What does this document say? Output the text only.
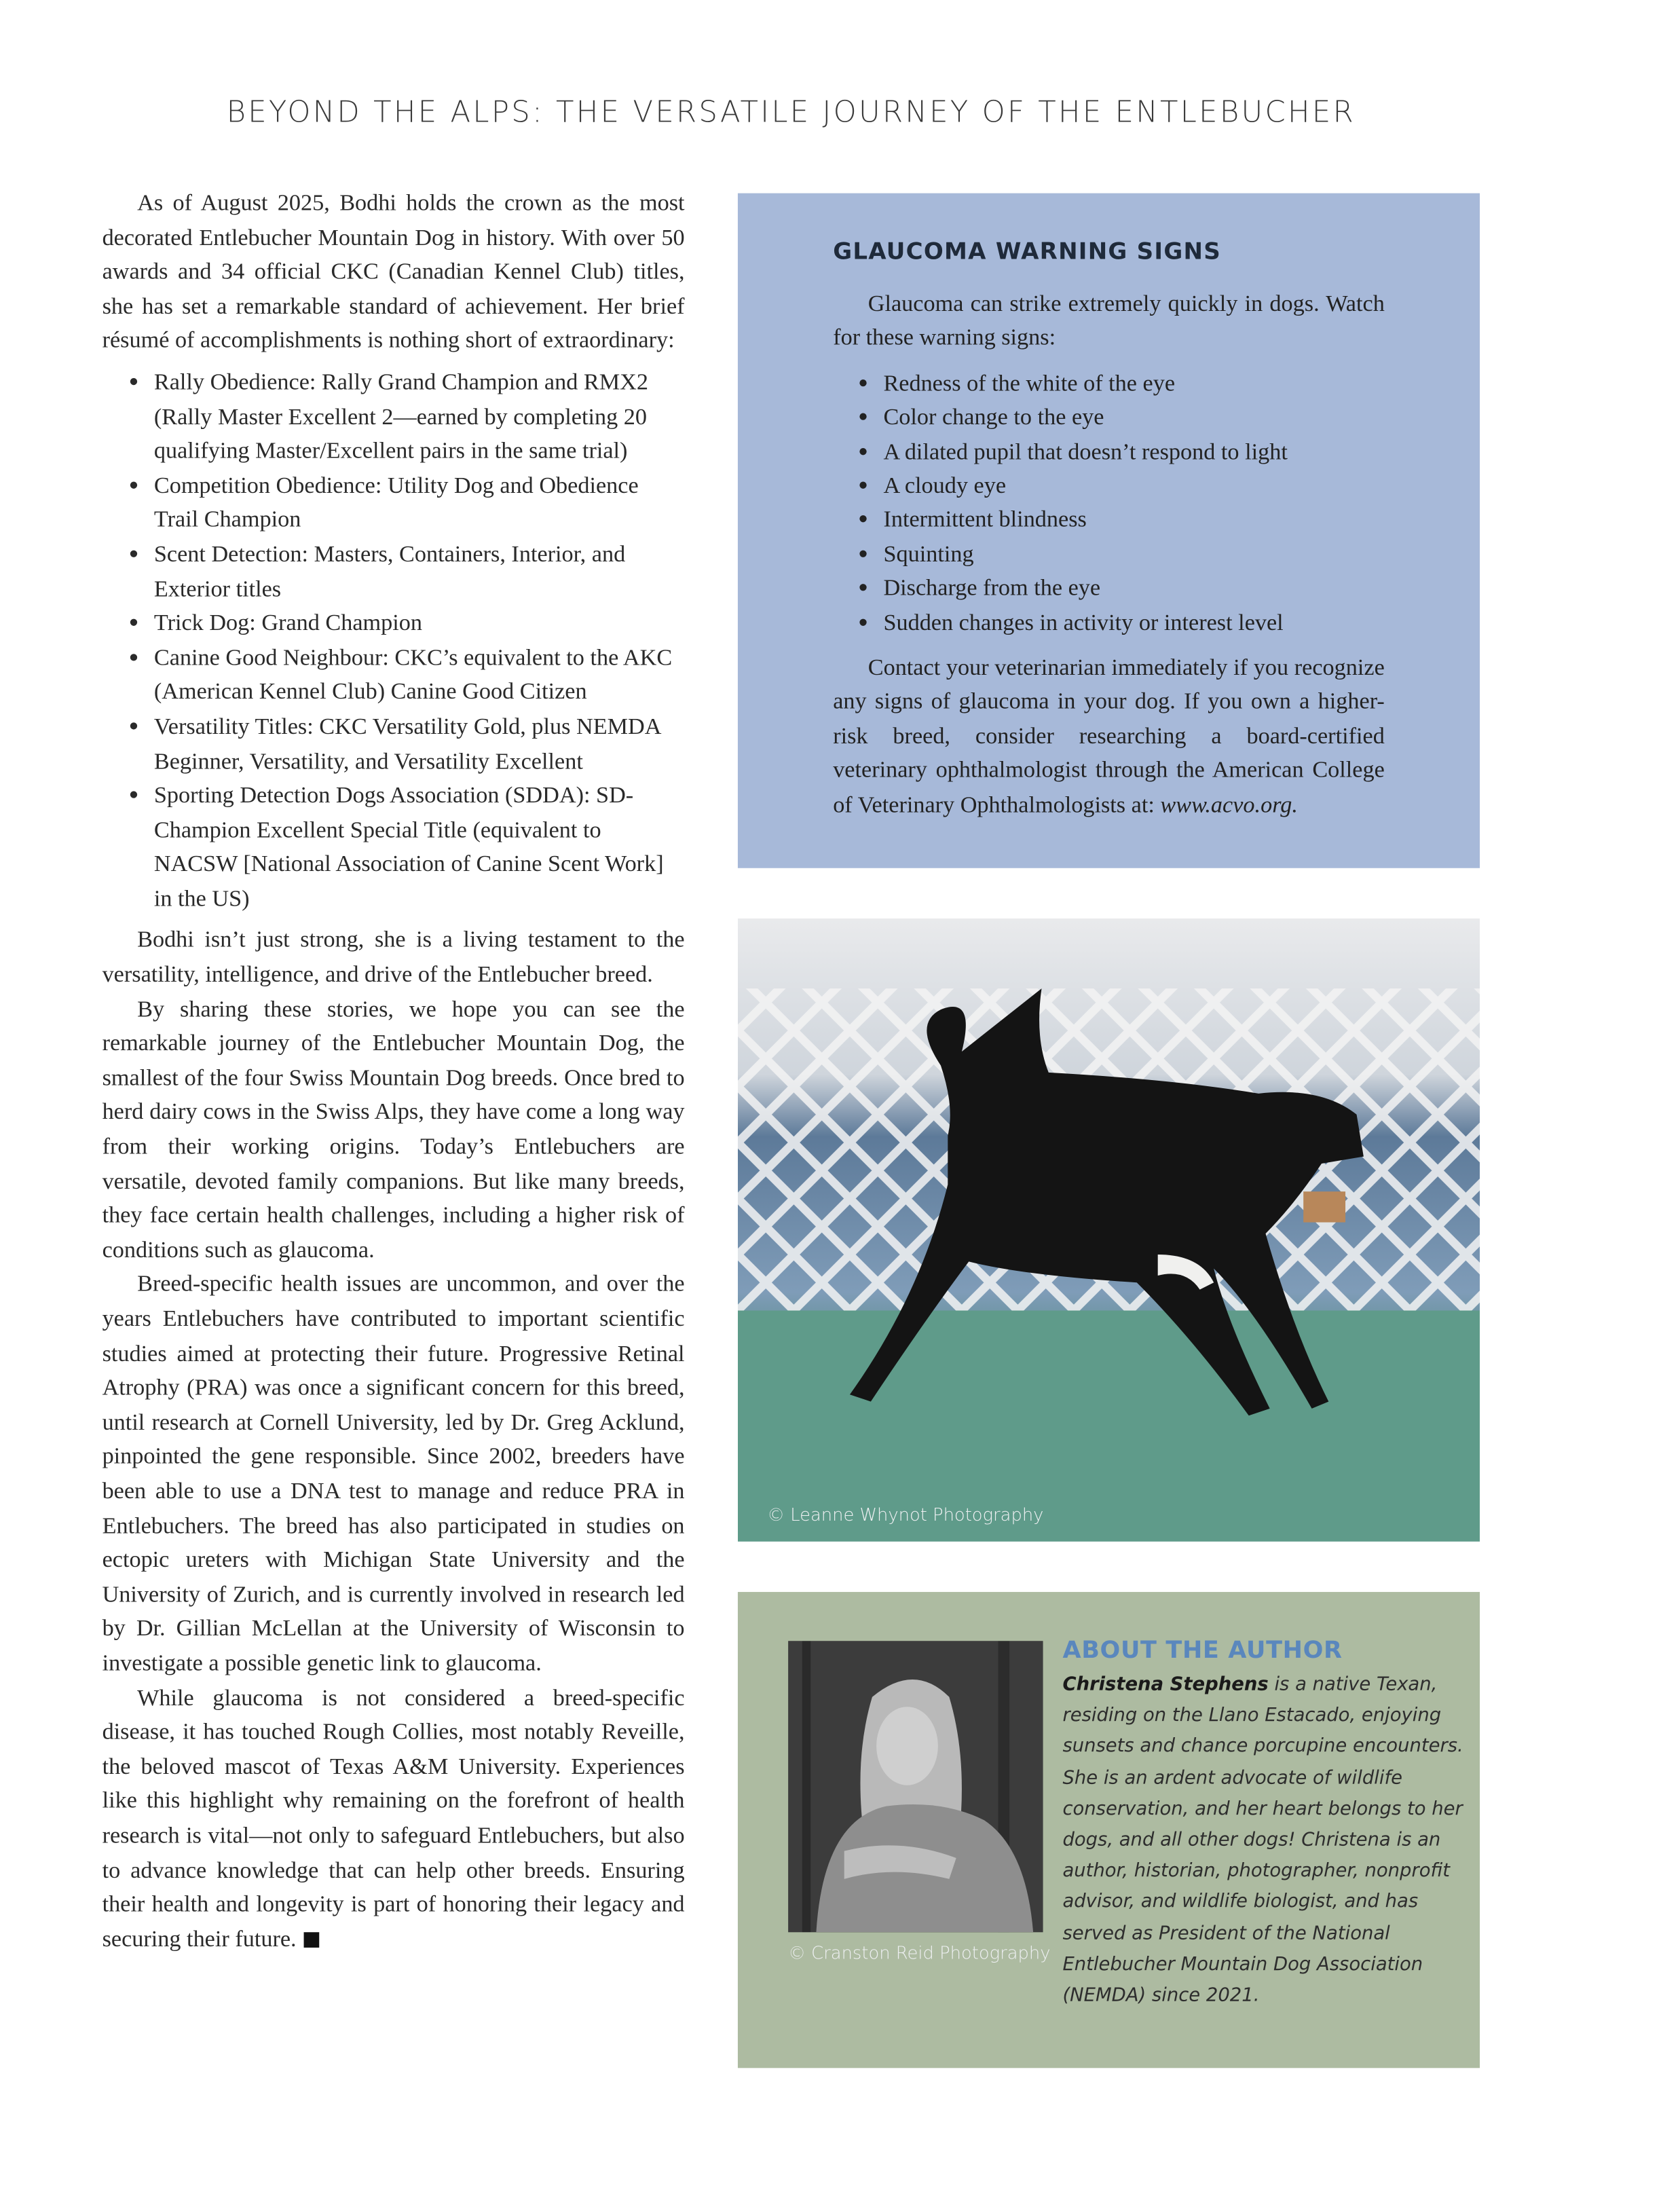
BEYOND THE ALPS: THE VERSATILE JOURNEY OF THE ENTLEBUCHER

As of August 2025, Bodhi holds the crown as the most decorated Entlebucher Mountain Dog in history. With over 50 awards and 34 official CKC (Canadian Kennel Club) titles, she has set a remarkable standard of achievement. Her brief résumé of accomplishments is nothing short of extraordinary:

• Rally Obedience: Rally Grand Champion and RMX2 (Rally Master Excellent 2—earned by completing 20 qualifying Master/Excellent pairs in the same trial)
• Competition Obedience: Utility Dog and Obedience Trail Champion
• Scent Detection: Masters, Containers, Interior, and Exterior titles
• Trick Dog: Grand Champion
• Canine Good Neighbour: CKC’s equivalent to the AKC (American Kennel Club) Canine Good Citizen
• Versatility Titles: CKC Versatility Gold, plus NEMDA Beginner, Versatility, and Versatility Excellent
• Sporting Detection Dogs Association (SDDA): SD-Champion Excellent Special Title (equivalent to NACSW [National Association of Canine Scent Work] in the US)

Bodhi isn’t just strong, she is a living testament to the versatility, intelligence, and drive of the Entlebucher breed.

By sharing these stories, we hope you can see the remarkable journey of the Entlebucher Mountain Dog, the smallest of the four Swiss Mountain Dog breeds. Once bred to herd dairy cows in the Swiss Alps, they have come a long way from their working origins. Today’s Entlebuchers are versatile, devoted family companions. But like many breeds, they face certain health challenges, including a higher risk of conditions such as glaucoma.

Breed-specific health issues are uncommon, and over the years Entlebuchers have contributed to important scientific studies aimed at protecting their future. Progressive Retinal Atrophy (PRA) was once a significant concern for this breed, until research at Cornell University, led by Dr. Greg Acklund, pinpointed the gene responsible. Since 2002, breeders have been able to use a DNA test to manage and reduce PRA in Entlebuchers. The breed has also participated in studies on ectopic ureters with Michigan State University and the University of Zurich, and is currently involved in research led by Dr. Gillian McLellan at the University of Wisconsin to investigate a possible genetic link to glaucoma.

While glaucoma is not considered a breed-specific disease, it has touched Rough Collies, most notably Reveille, the beloved mascot of Texas A&M University. Experiences like this highlight why remaining on the forefront of health research is vital—not only to safeguard Entlebuchers, but also to advance knowledge that can help other breeds. Ensuring their health and longevity is part of honoring their legacy and securing their future.

GLAUCOMA WARNING SIGNS

Glaucoma can strike extremely quickly in dogs. Watch for these warning signs:

• Redness of the white of the eye
• Color change to the eye
• A dilated pupil that doesn’t respond to light
• A cloudy eye
• Intermittent blindness
• Squinting
• Discharge from the eye
• Sudden changes in activity or interest level

Contact your veterinarian immediately if you recognize any signs of glaucoma in your dog. If you own a higher-risk breed, consider researching a board-certified veterinary ophthalmologist through the American College of Veterinary Ophthalmologists at: www.acvo.org.

© Leanne Whynot Photography
© Cranston Reid Photography
ABOUT THE AUTHOR
Christena Stephens is a native Texan, residing on the Llano Estacado, enjoying sunsets and chance porcupine encounters. She is an ardent advocate of wildlife conservation, and her heart belongs to her dogs, and all other dogs! Christena is an author, historian, photographer, nonprofit advisor, and wildlife biologist, and has served as President of the National Entlebucher Mountain Dog Association (NEMDA) since 2021.
